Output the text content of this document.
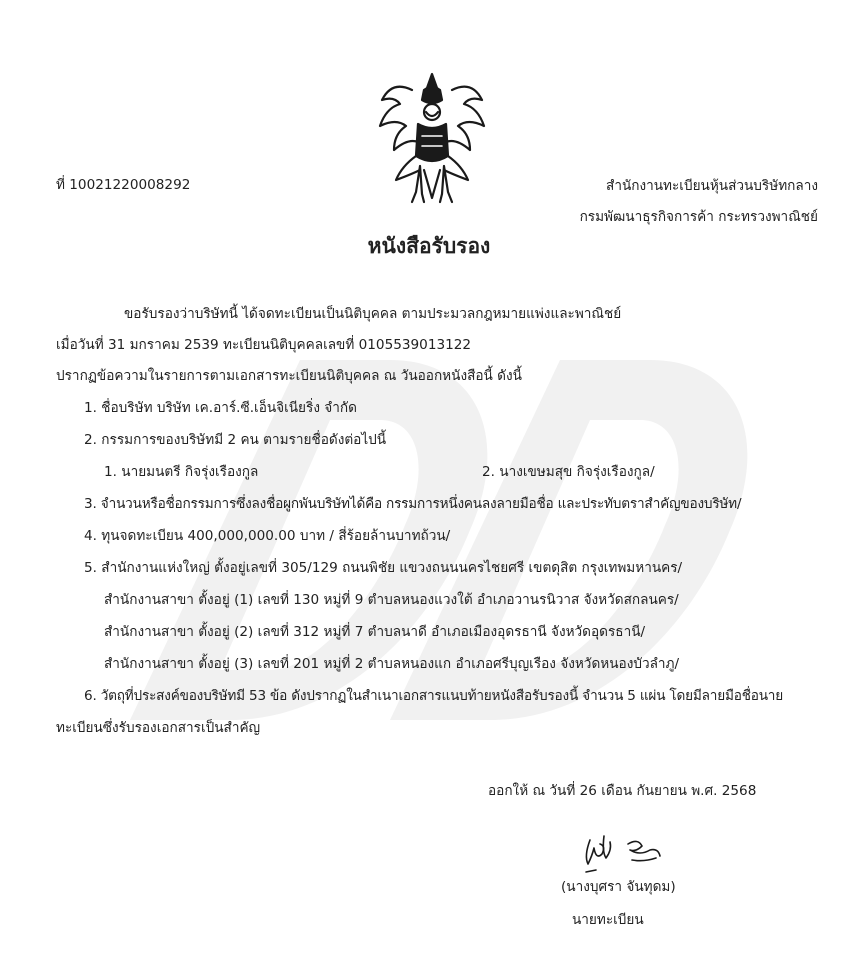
ที่ 10021220008292	สำนักงานทะเบียนหุ้นส่วนบริษัทกลาง
กรมพัฒนาธุรกิจการค้า กระทรวงพาณิชย์
หนังสือรับรอง
ขอรับรองว่าบริษัทนี้ ได้จดทะเบียนเป็นนิติบุคคล ตามประมวลกฎหมายแพ่งและพาณิชย์
เมื่อวันที่ 31 มกราคม 2539 ทะเบียนนิติบุคคลเลขที่ 0105539013122
ปรากฏข้อความในรายการตามเอกสารทะเบียนนิติบุคคล ณ วันออกหนังสือนี้ ดังนี้
1. ชื่อบริษัท บริษัท เค.อาร์.ซี.เอ็นจิเนียริ่ง จำกัด
2. กรรมการของบริษัทมี 2 คน ตามรายชื่อดังต่อไปนี้
1. นายมนตรี กิจรุ่งเรืองกูล	2. นางเขษมสุข กิจรุ่งเรืองกูล/
3. จำนวนหรือชื่อกรรมการซึ่งลงชื่อผูกพันบริษัทได้คือ กรรมการหนึ่งคนลงลายมือชื่อ และประทับตราสำคัญของบริษัท/
4. ทุนจดทะเบียน 400,000,000.00 บาท / สี่ร้อยล้านบาทถ้วน/
5. สำนักงานแห่งใหญ่ ตั้งอยู่เลขที่ 305/129 ถนนพิชัย แขวงถนนนครไชยศรี เขตดุสิต กรุงเทพมหานคร/
สำนักงานสาขา ตั้งอยู่ (1) เลขที่ 130 หมู่ที่ 9 ตำบลหนองแวงใต้ อำเภอวานรนิวาส จังหวัดสกลนคร/
สำนักงานสาขา ตั้งอยู่ (2) เลขที่ 312 หมู่ที่ 7 ตำบลนาดี อำเภอเมืองอุดรธานี จังหวัดอุดรธานี/
สำนักงานสาขา ตั้งอยู่ (3) เลขที่ 201 หมู่ที่ 2 ตำบลหนองแก อำเภอศรีบุญเรือง จังหวัดหนองบัวลำภู/
6. วัตถุที่ประสงค์ของบริษัทมี 53 ข้อ ดังปรากฏในสำเนาเอกสารแนบท้ายหนังสือรับรองนี้ จำนวน 5 แผ่น โดยมีลายมือชื่อนาย
ทะเบียนซึ่งรับรองเอกสารเป็นสำคัญ
ออกให้ ณ วันที่ 26 เดือน กันยายน พ.ศ. 2568
(นางบุศรา จันทุดม)
นายทะเบียน
